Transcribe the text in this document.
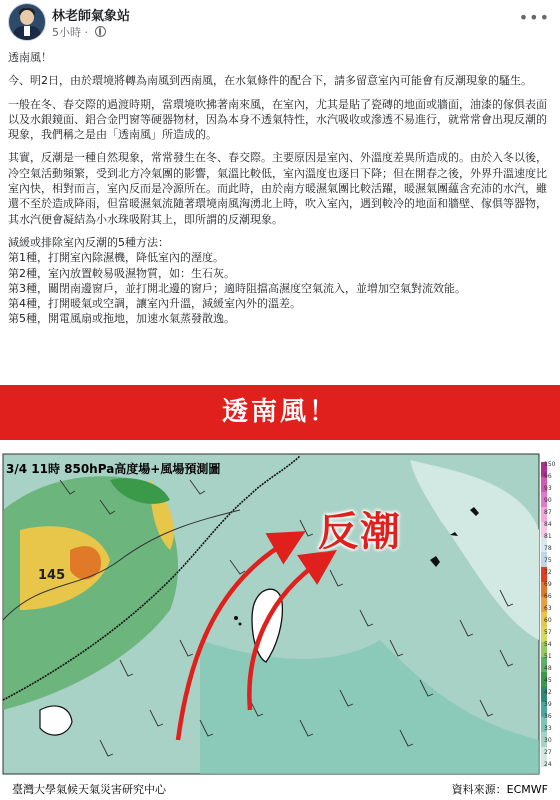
林老師氣象站
5小時 ·
•••

透南風！

今、明2日，由於環境將轉為南風到西南風，在水氣條件的配合下，請多留意室內可能會有反潮現象的騷生。

一般在冬、春交際的過渡時期，當環境吹拂著南來風，在室內，尤其是貼了瓷磚的地面或牆面，油漆的傢俱表面以及水銀鏡面、鋁合金門窗等硬器物材，因為本身不透氣特性，水汽吸收或滲透不易進行，就常常會出現反潮的現象，我們稱之是由「透南風」所造成的。

其實，反潮是一種自然現象，常常發生在冬、春交際。主要原因是室內、外溫度差異所造成的。由於入冬以後，冷空氣活動頻繁，受到北方冷氣團的影響，氣溫比較低，室內溫度也逐日下降；但在開春之後，外界升溫速度比室內快，相對而言，室內反而是冷源所在。而此時，由於南方暖濕氣團比較活躍，暖濕氣團蘊含充沛的水汽，雖還不至於造成降雨，但當暖濕氣流隨著環境南風洶湧北上時，吹入室內，遇到較冷的地面和牆壁、傢俱等器物，其水汽便會凝結為小水珠吸附其上，即所謂的反潮現象。

減緩或排除室內反潮的5種方法：
第1種，打開室內除濕機，降低室內的溼度。
第2種，室內放置較易吸濕物質，如：生石灰。
第3種，關閉南邊窗戶，並打開北邊的窗戶；適時阻擋高濕度空氣流入，並增加空氣對流效能。
第4種，打開暖氣或空調，讓室內升溫，減緩室內外的溫差。
第5種，開電風扇或拖地，加速水氣蒸發散逸。
透南風！
3/4 11時 850hPa高度場+風場預測圖
145
反潮
150
96
93
90
87
84
81
78
75
72
69
66
63
60
57
54
51
48
45
42
39
36
33
30
27
24
臺灣大學氣候天氣災害研究中心	資料來源：ECMWF
